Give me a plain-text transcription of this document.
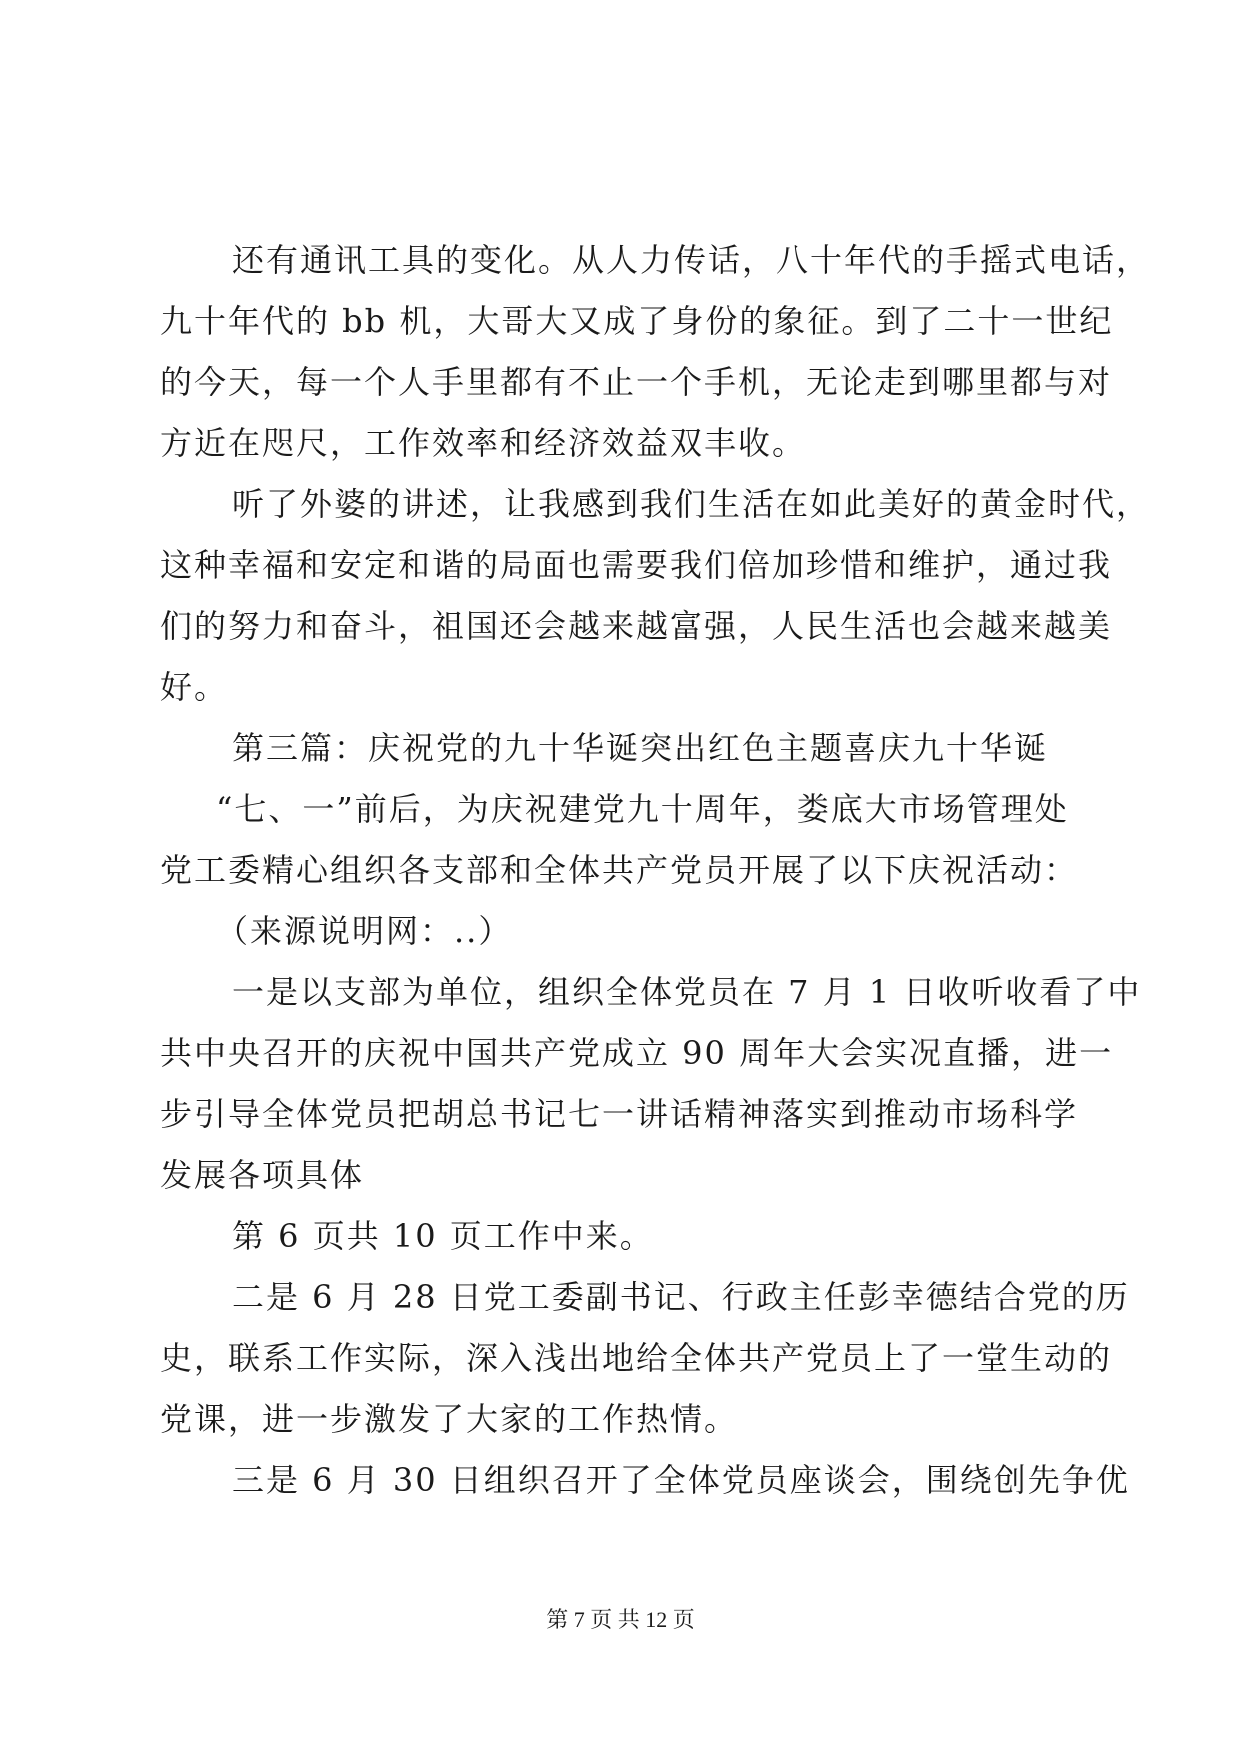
还有通讯工具的变化。从人力传话，八十年代的手摇式电话，
九十年代的 bb 机，大哥大又成了身份的象征。到了二十一世纪
的今天，每一个人手里都有不止一个手机，无论走到哪里都与对
方近在咫尺，工作效率和经济效益双丰收。
听了外婆的讲述，让我感到我们生活在如此美好的黄金时代，
这种幸福和安定和谐的局面也需要我们倍加珍惜和维护，通过我
们的努力和奋斗，祖国还会越来越富强，人民生活也会越来越美
好。
第三篇：庆祝党的九十华诞突出红色主题喜庆九十华诞
“七、一”前后，为庆祝建党九十周年，娄底大市场管理处
党工委精心组织各支部和全体共产党员开展了以下庆祝活动：
（来源说明网：..）
一是以支部为单位，组织全体党员在 7 月 1 日收听收看了中
共中央召开的庆祝中国共产党成立 90 周年大会实况直播，进一
步引导全体党员把胡总书记七一讲话精神落实到推动市场科学
发展各项具体
第 6 页共 10 页工作中来。
二是 6 月 28 日党工委副书记、行政主任彭幸德结合党的历
史，联系工作实际，深入浅出地给全体共产党员上了一堂生动的
党课，进一步激发了大家的工作热情。
三是 6 月 30 日组织召开了全体党员座谈会，围绕创先争优
第 7 页 共 12 页
